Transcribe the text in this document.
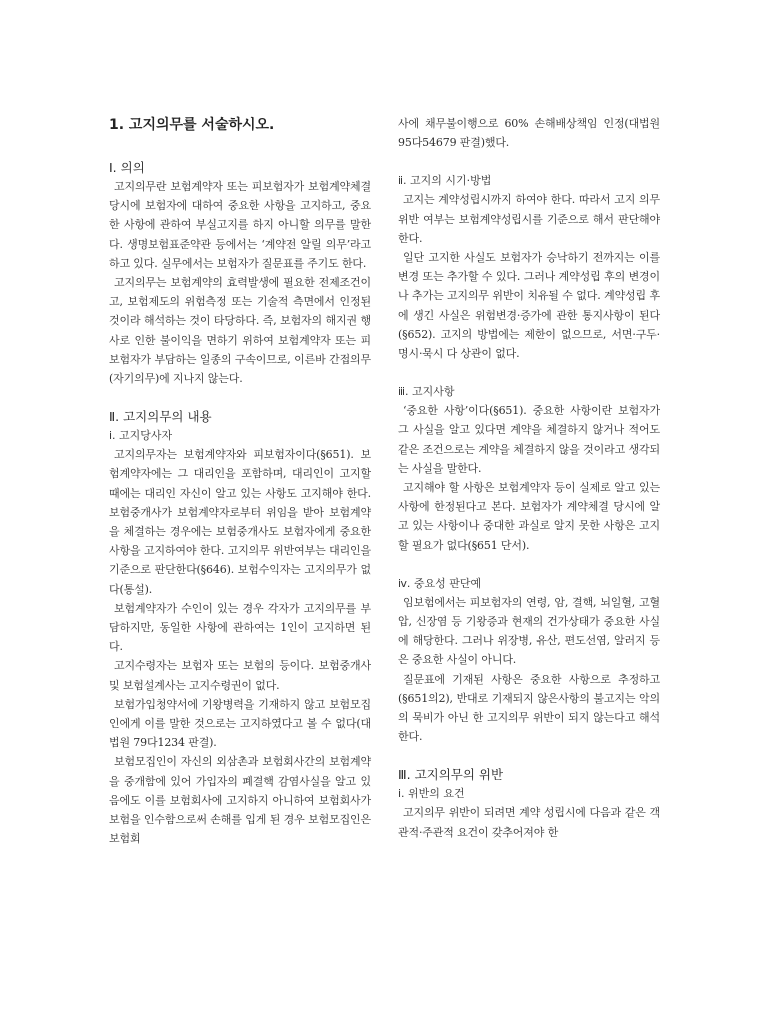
1. 고지의무를 서술하시오.
Ⅰ. 의의

고지의무란 보험계약자 또는 피보험자가 보험계약체결 당시에 보험자에 대하여 중요한 사항을 고지하고, 중요한 사항에 관하여 부실고지를 하지 아니할 의무를 말한다. 생명보험표준약관 등에서는 ‘계약전 알릴 의무’라고 하고 있다. 실무에서는 보험자가 질문표를 주기도 한다.

고지의무는 보험계약의 효력발생에 필요한 전제조건이고, 보험제도의 위험측정 또는 기술적 측면에서 인정된 것이라 해석하는 것이 타당하다. 즉, 보험자의 해지권 행사로 인한 불이익을 면하기 위하여 보험계약자 또는 피보험자가 부담하는 일종의 구속이므로, 이른바 간접의무(자기의무)에 지나지 않는다.

Ⅱ. 고지의무의 내용
ⅰ. 고지당사자

고지의무자는 보험계약자와 피보험자이다(§651). 보험계약자에는 그 대리인을 포함하며, 대리인이 고지할 때에는 대리인 자신이 알고 있는 사항도 고지해야 한다. 보험중개사가 보험계약자로부터 위임을 받아 보험계약을 체결하는 경우에는 보험중개사도 보험자에게 중요한 사항을 고지하여야 한다. 고지의무 위반여부는 대리인을 기준으로 판단한다(§646). 보험수익자는 고지의무가 없다(통설).

보험계약자가 수인이 있는 경우 각자가 고지의무를 부담하지만, 동일한 사항에 관하여는 1인이 고지하면 된다.

고지수령자는 보험자 또는 보험의 등이다. 보험중개사 및 보험설계사는 고지수령권이 없다.

보험가입청약서에 기왕병력을 기재하지 않고 보험모집인에게 이를 말한 것으로는 고지하였다고 볼 수 없다(대법원 79다1234 판결).

보험모집인이 자신의 외삼촌과 보험회사간의 보험계약을 중개함에 있어 가입자의 폐결핵 감염사실을 알고 있음에도 이를 보험회사에 고지하지 아니하여 보험회사가 보험을 인수함으로써 손해를 입게 된 경우 보험모집인은 보험회

사에 채무불이행으로 60% 손해배상책임 인정(대법원 95다54679 판결)했다.

ⅱ. 고지의 시기·방법

고지는 계약성립시까지 하여야 한다. 따라서 고지 의무 위반 여부는 보험계약성립시를 기준으로 해서 판단해야 한다.

일단 고지한 사실도 보험자가 승낙하기 전까지는 이를 변경 또는 추가할 수 있다. 그러나 계약성립 후의 변경이나 추가는 고지의무 위반이 치유될 수 없다. 계약성립 후에 생긴 사실은 위험변경·증가에 관한 통지사항이 된다(§652). 고지의 방법에는 제한이 없으므로, 서면·구두·명시·묵시 다 상관이 없다.

ⅲ. 고지사항

‘중요한 사항’이다(§651). 중요한 사항이란 보험자가 그 사실을 알고 있다면 계약을 체결하지 않거나 적어도 같은 조건으로는 계약을 체결하지 않을 것이라고 생각되는 사실을 말한다.

고지해야 할 사항은 보험계약자 등이 실제로 알고 있는 사항에 한정된다고 본다. 보험자가 계약체결 당시에 알고 있는 사항이나 중대한 과실로 알지 못한 사항은 고지할 필요가 없다(§651 단서).

ⅳ. 중요성 판단예

임보험에서는 피보험자의 연령, 암, 결핵, 뇌일혈, 고혈압, 신장염 등 기왕증과 현재의 건가상태가 중요한 사실에 해당한다. 그러나 위장병, 유산, 편도선염, 알러지 등은 중요한 사실이 아니다.

질문표에 기재된 사항은 중요한 사항으로 추정하고(§651의2), 반대로 기재되지 않은사항의 불고지는 악의의 묵비가 아닌 한 고지의무 위반이 되지 않는다고 해석한다.

Ⅲ. 고지의무의 위반
ⅰ. 위반의 요건

고지의무 위반이 되려면 계약 성립시에 다음과 같은 객관적·주관적 요건이 갖추어져야 한
